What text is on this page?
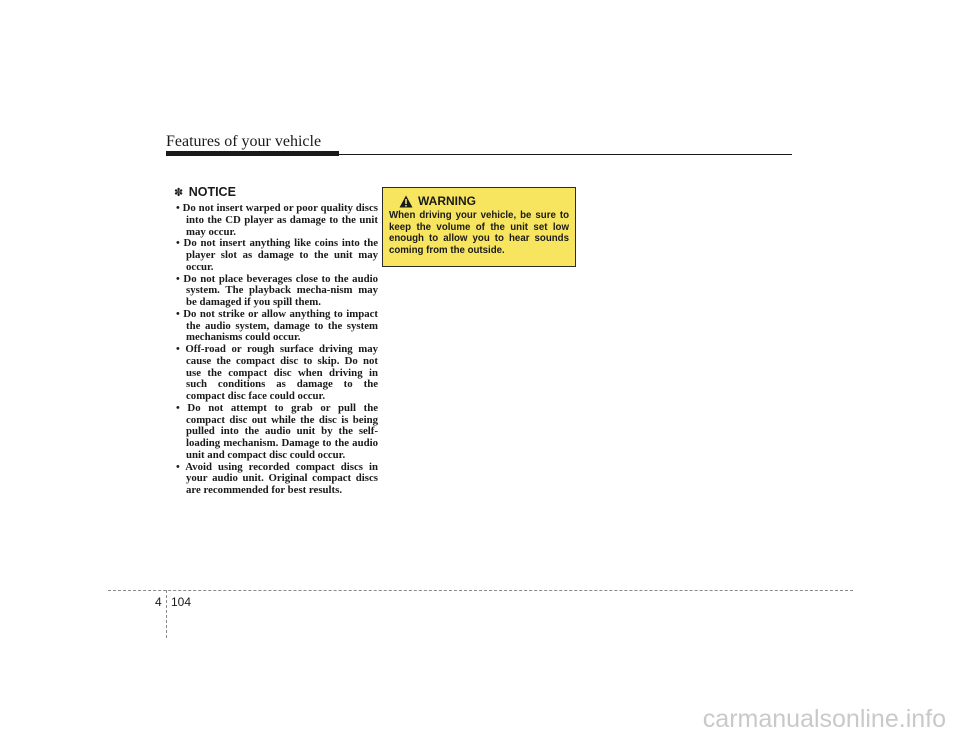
Features of your vehicle
✽ NOTICE
• Do not insert warped or poor quality discs into the CD player as damage to the unit may occur.
• Do not insert anything like coins into the player slot as damage to the unit may occur.
• Do not place beverages close to the audio system. The playback mecha-nism may be damaged if you spill them.
• Do not strike or allow anything to impact the audio system, damage to the system mechanisms could occur.
• Off-road or rough surface driving may cause the compact disc to skip. Do not use the compact disc when driving in such conditions as damage to the compact disc face could occur.
• Do not attempt to grab or pull the compact disc out while the disc is being pulled into the audio unit by the self-loading mechanism. Damage to the audio unit and compact disc could occur.
• Avoid using recorded compact discs in your audio unit. Original compact discs are recommended for best results.
WARNING
When driving your vehicle, be sure to keep the volume of the unit set low enough to allow you to hear sounds coming from the outside.
4 104
carmanualsonline.info
